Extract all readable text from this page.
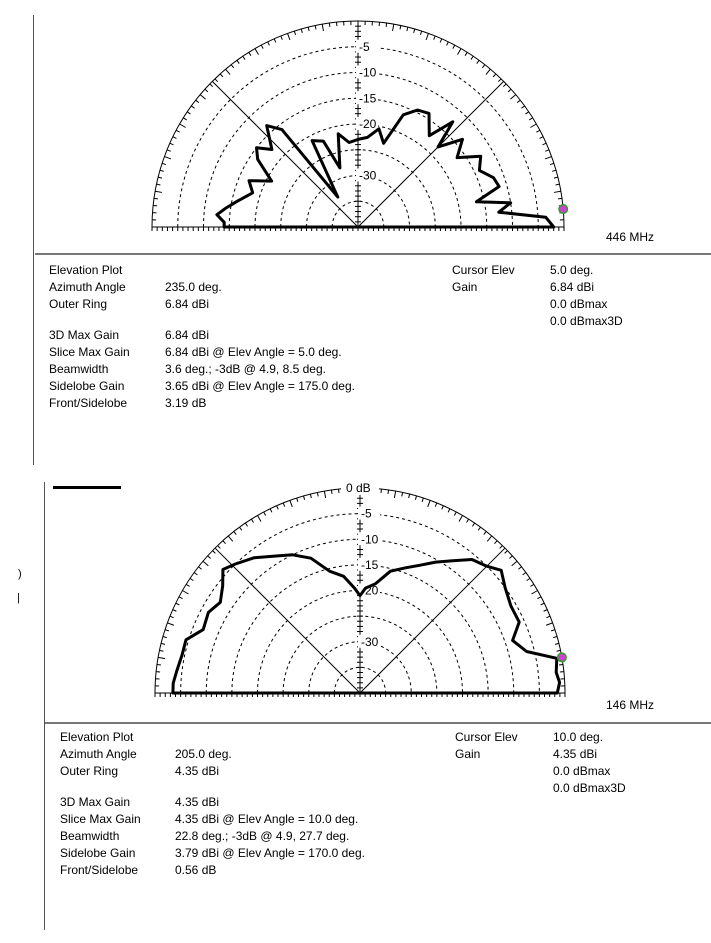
-5
-10
-15
-20
-30
446 MHz
Elevation Plot
Azimuth Angle	235.0 deg.
Outer Ring	6.84 dBi
3D Max Gain	6.84 dBi
Slice Max Gain	6.84 dBi @ Elev Angle = 5.0 deg.
Beamwidth	3.6 deg.; -3dB @ 4.9, 8.5 deg.
Sidelobe Gain	3.65 dBi @ Elev Angle = 175.0 deg.
Front/Sidelobe	3.19 dB
Cursor Elev	5.0 deg.
Gain	6.84 dBi
0.0 dBmax
0.0 dBmax3D
)
|
-5
-10
-15
-20
-30
0 dB
146 MHz
Elevation Plot
Azimuth Angle	205.0 deg.
Outer Ring	4.35 dBi
3D Max Gain	4.35 dBi
Slice Max Gain	4.35 dBi @ Elev Angle = 10.0 deg.
Beamwidth	22.8 deg.; -3dB @ 4.9, 27.7 deg.
Sidelobe Gain	3.79 dBi @ Elev Angle = 170.0 deg.
Front/Sidelobe	0.56 dB
Cursor Elev	10.0 deg.
Gain	4.35 dBi
0.0 dBmax
0.0 dBmax3D
